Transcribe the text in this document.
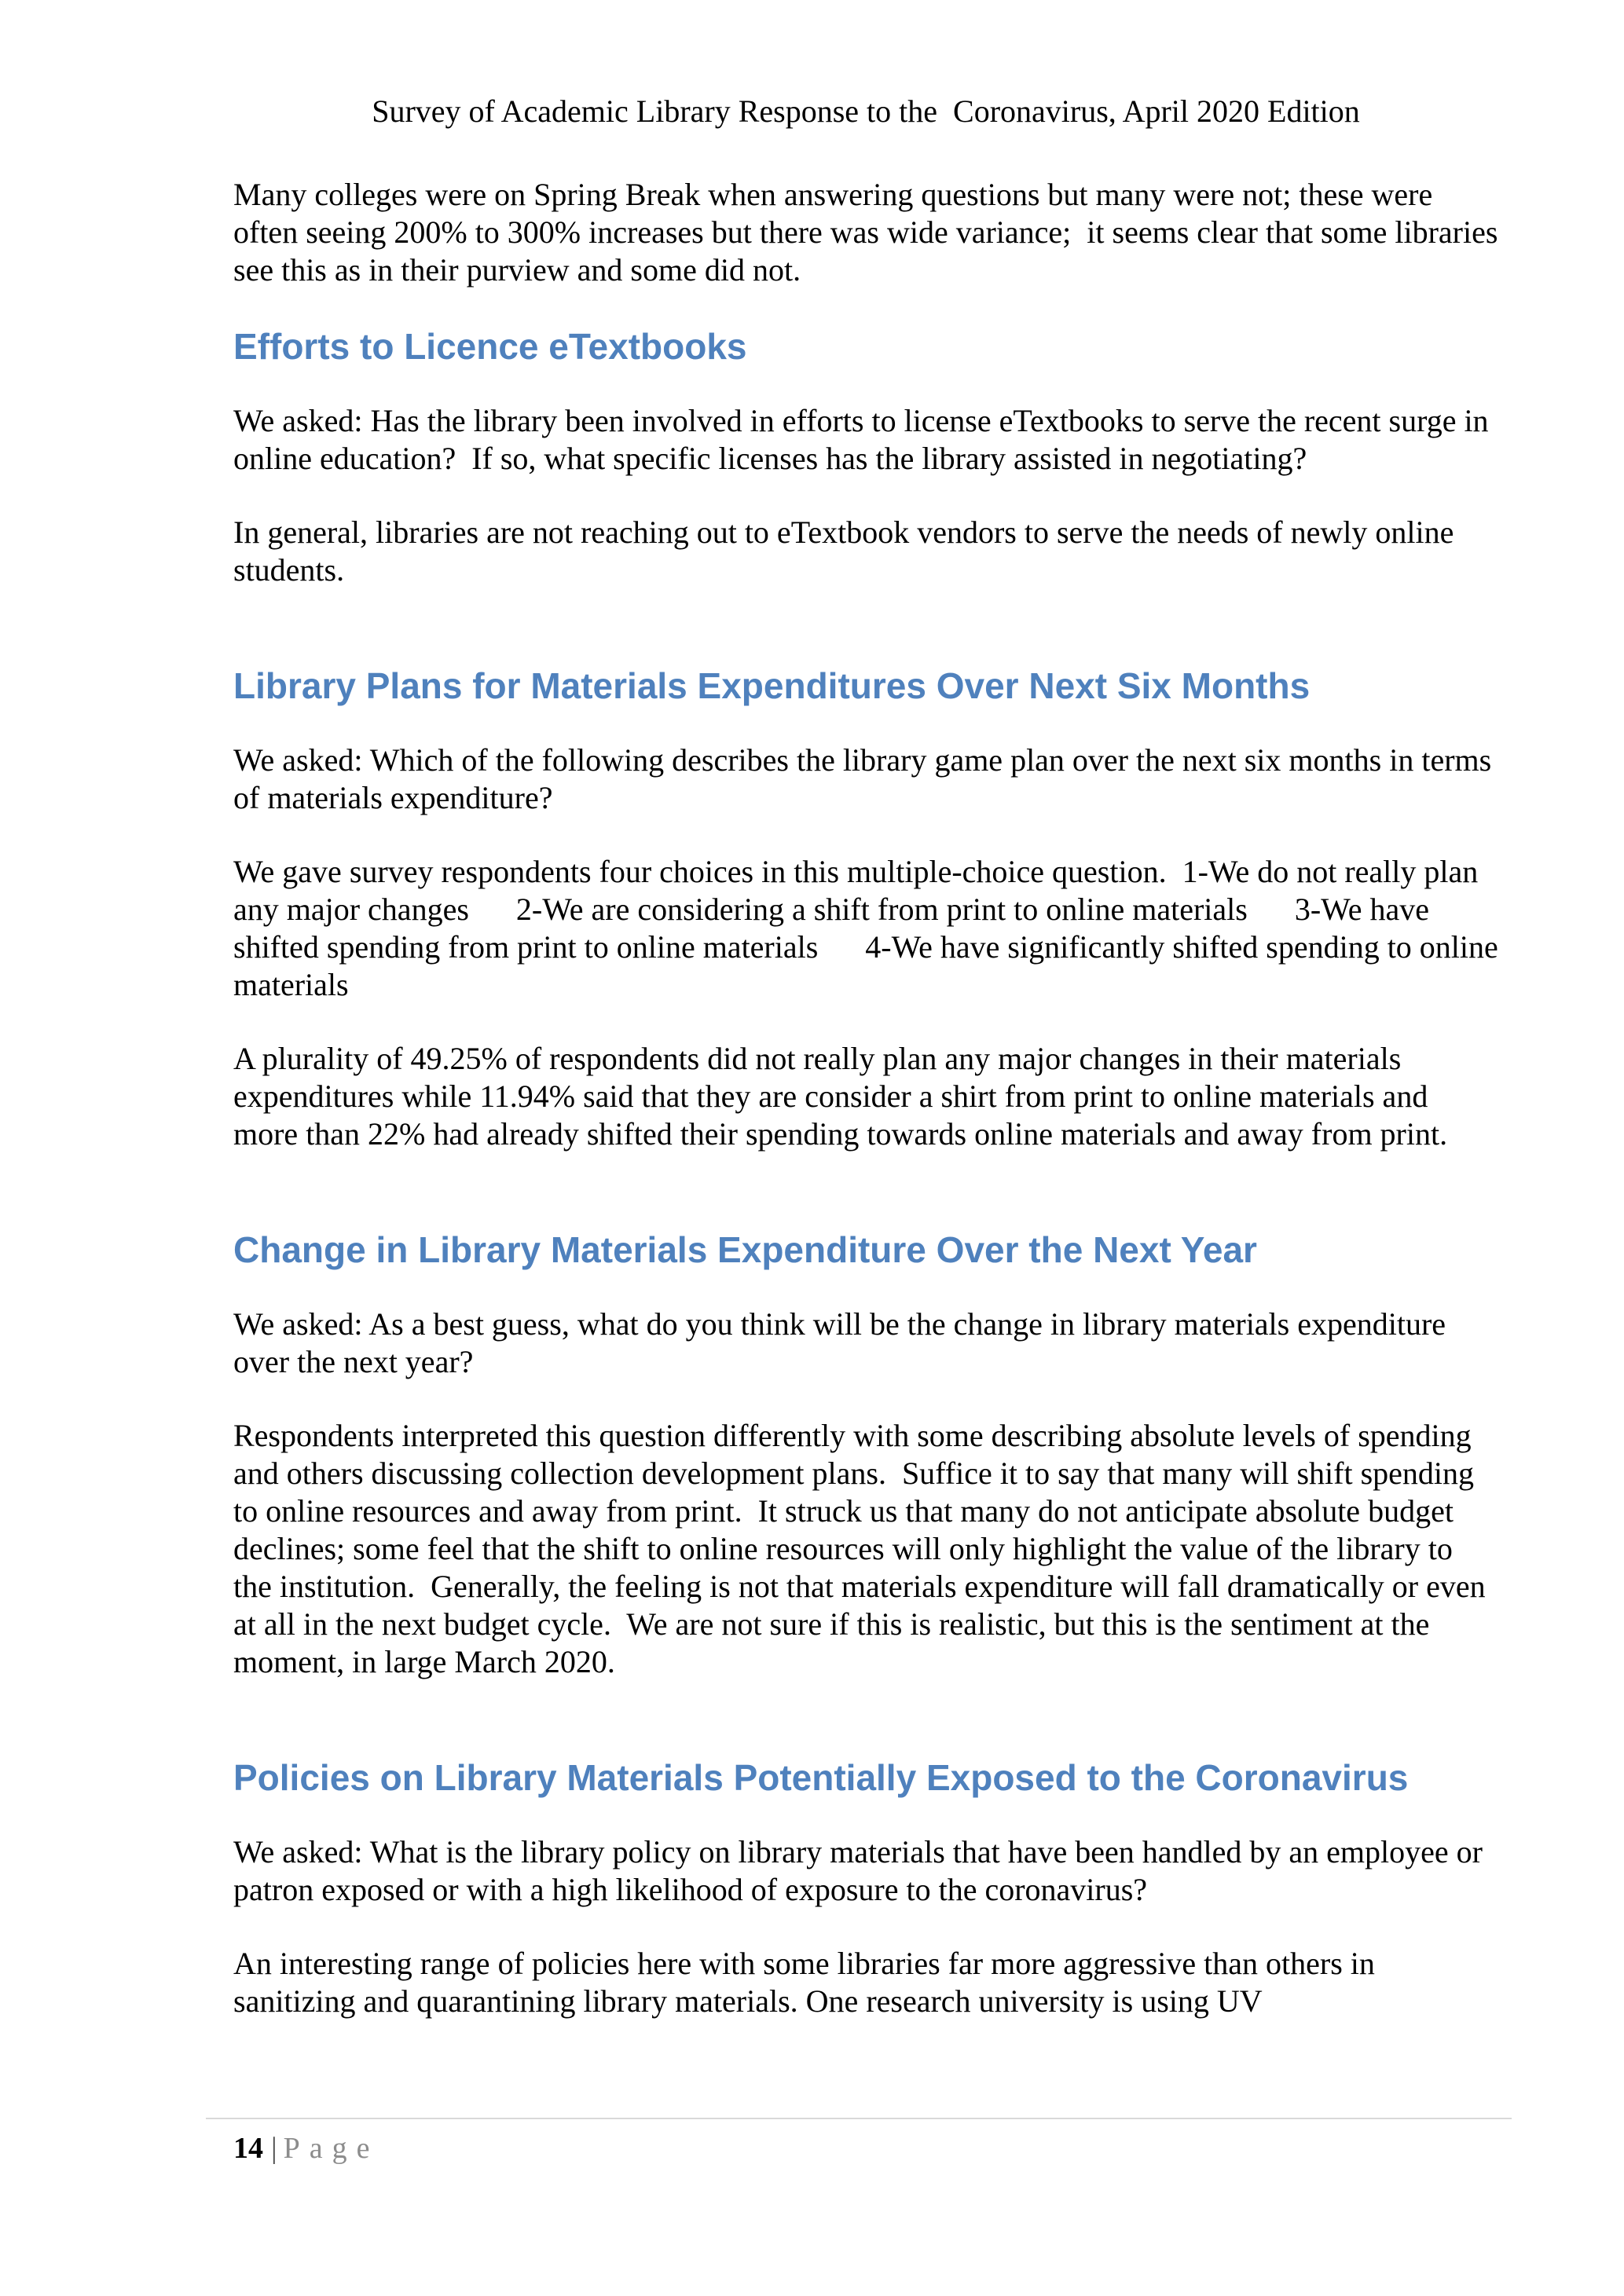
Survey of Academic Library Response to the  Coronavirus, April 2020 Edition
Many colleges were on Spring Break when answering questions but many were not; these were often seeing 200% to 300% increases but there was wide variance;  it seems clear that some libraries see this as in their purview and some did not.
Efforts to Licence eTextbooks
We asked: Has the library been involved in efforts to license eTextbooks to serve the recent surge in online education?  If so, what specific licenses has the library assisted in negotiating?
In general, libraries are not reaching out to eTextbook vendors to serve the needs of newly online students.
Library Plans for Materials Expenditures Over Next Six Months
We asked: Which of the following describes the library game plan over the next six months in terms of materials expenditure?
We gave survey respondents four choices in this multiple-choice question.  1-We do not really plan any major changes      2-We are considering a shift from print to online materials      3-We have shifted spending from print to online materials      4-We have significantly shifted spending to online materials
A plurality of 49.25% of respondents did not really plan any major changes in their materials expenditures while 11.94% said that they are consider a shirt from print to online materials and more than 22% had already shifted their spending towards online materials and away from print.
Change in Library Materials Expenditure Over the Next Year
We asked: As a best guess, what do you think will be the change in library materials expenditure over the next year?
Respondents interpreted this question differently with some describing absolute levels of spending and others discussing collection development plans.  Suffice it to say that many will shift spending to online resources and away from print.  It struck us that many do not anticipate absolute budget declines; some feel that the shift to online resources will only highlight the value of the library to the institution.  Generally, the feeling is not that materials expenditure will fall dramatically or even at all in the next budget cycle.  We are not sure if this is realistic, but this is the sentiment at the moment, in large March 2020.
Policies on Library Materials Potentially Exposed to the Coronavirus
We asked: What is the library policy on library materials that have been handled by an employee or patron exposed or with a high likelihood of exposure to the coronavirus?
An interesting range of policies here with some libraries far more aggressive than others in sanitizing and quarantining library materials. One research university is using UV
14 | Page
